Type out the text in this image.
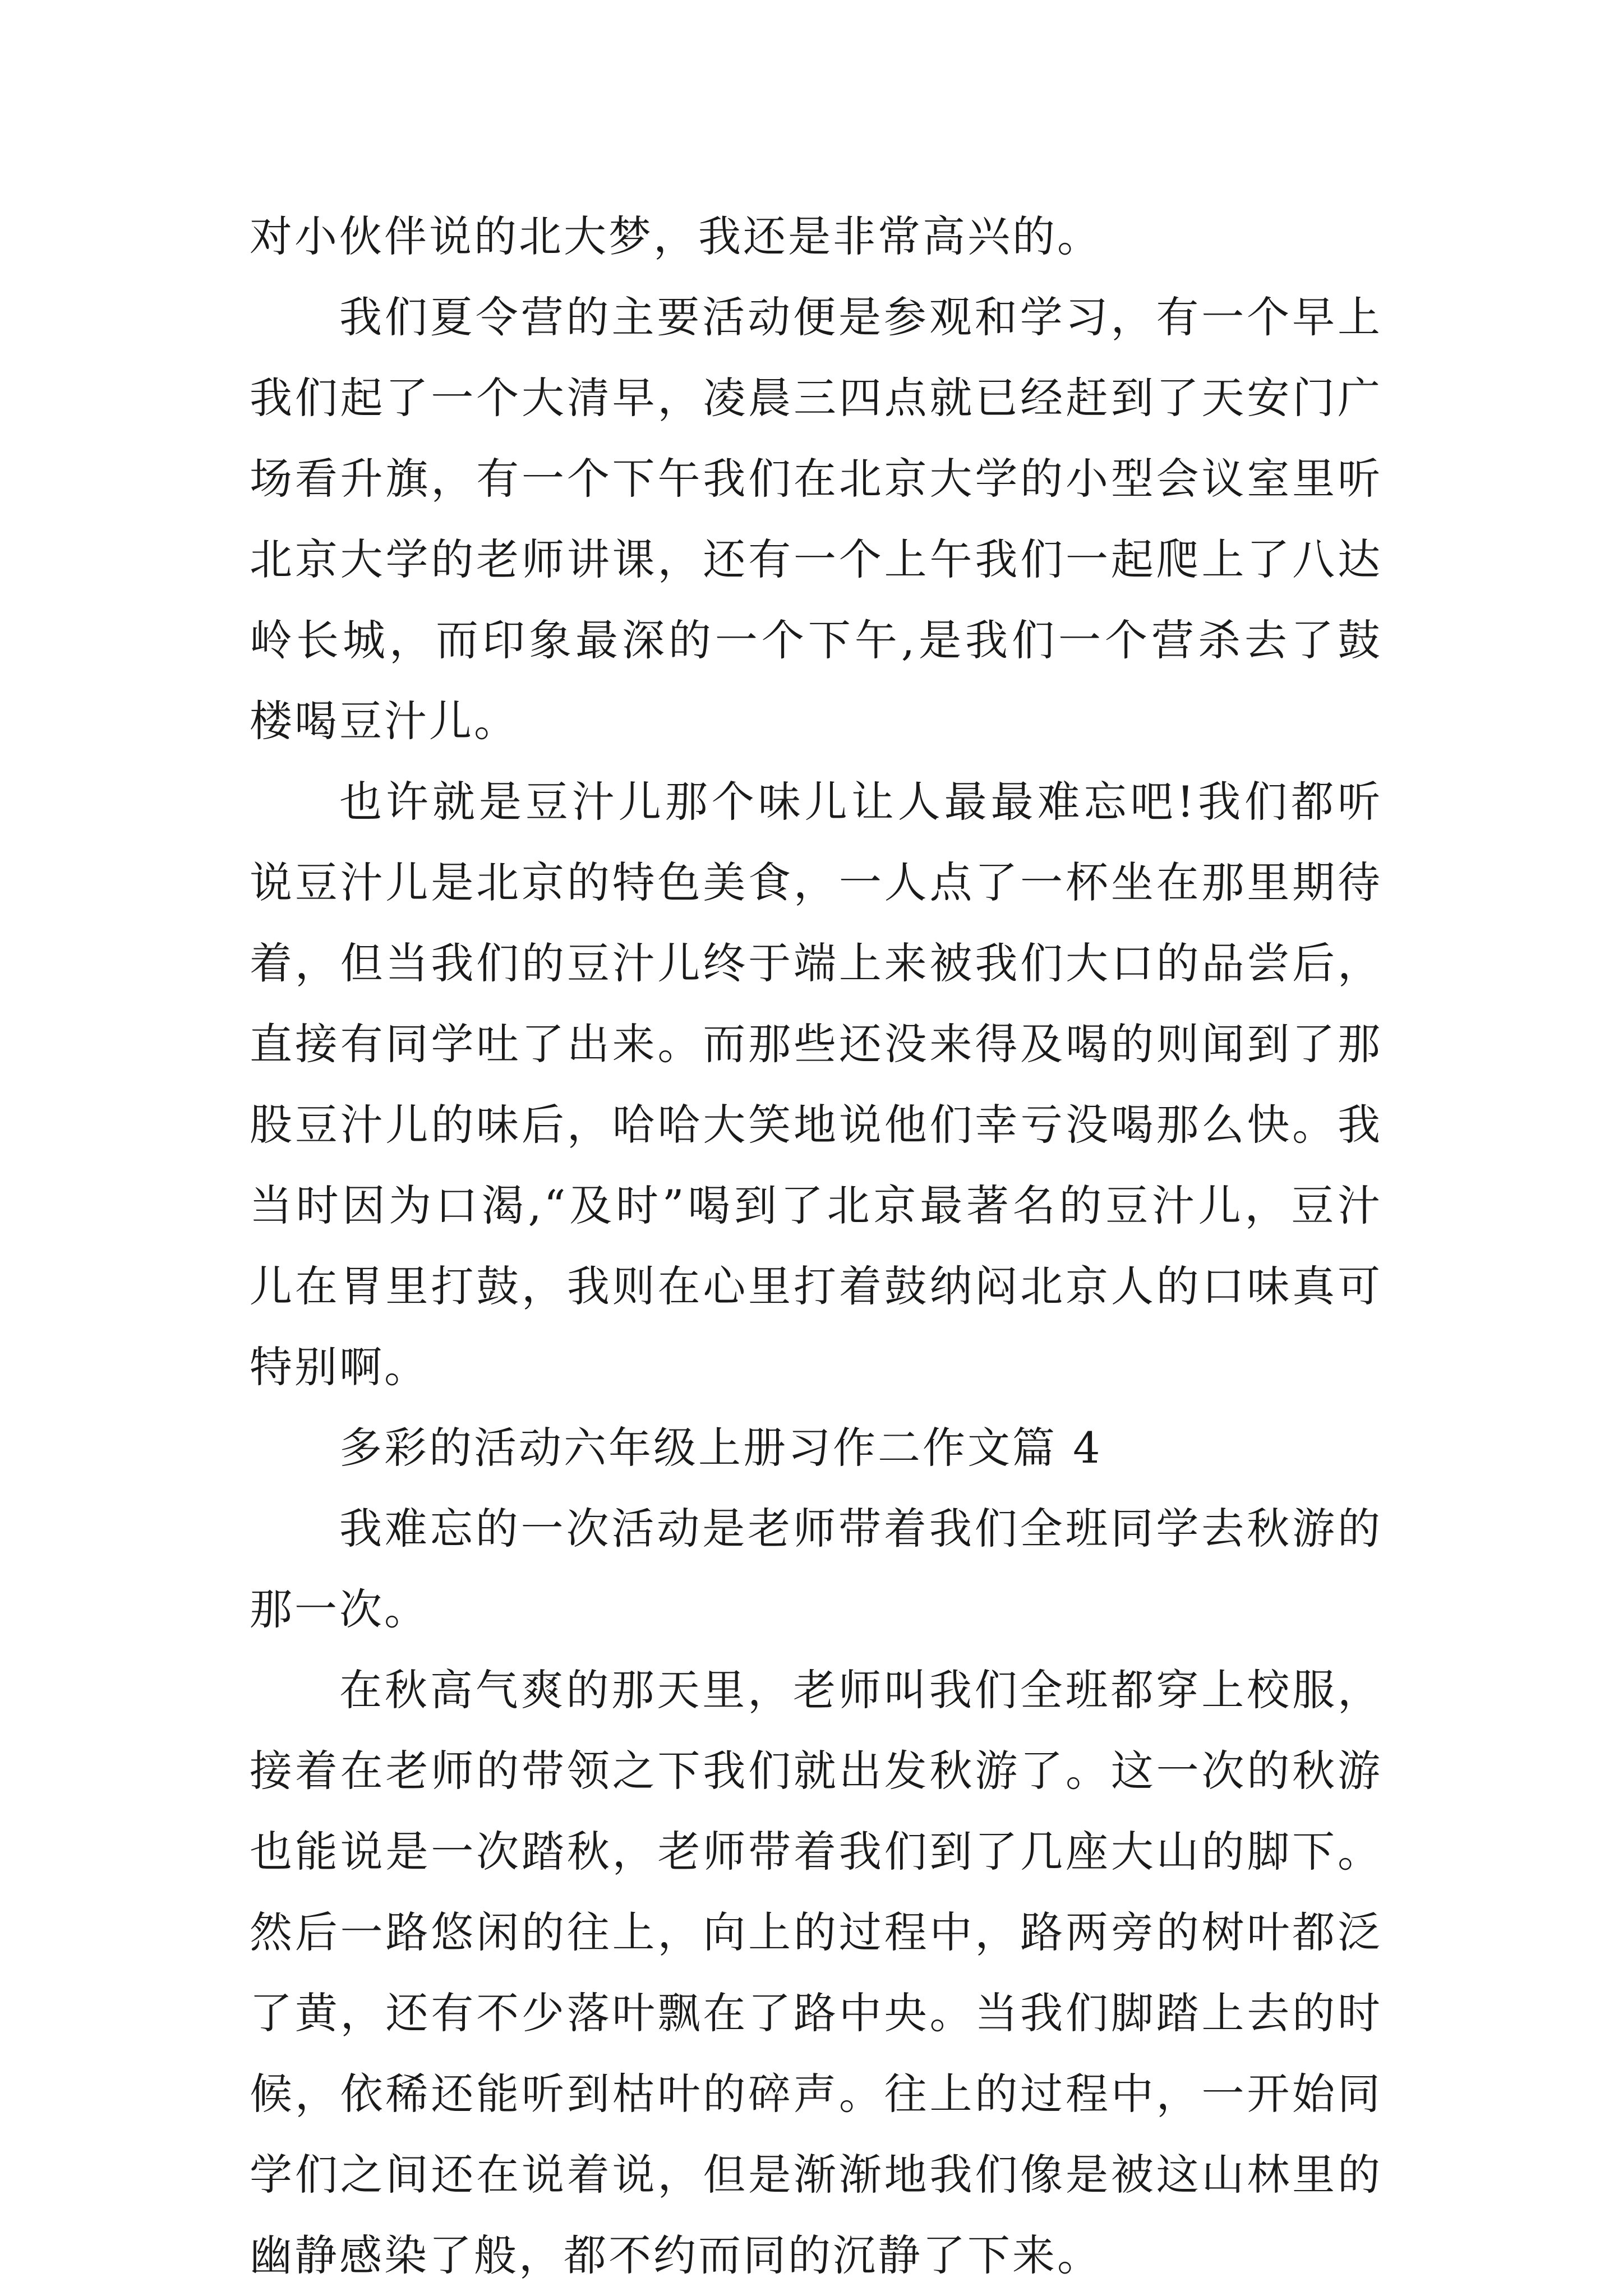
对小伙伴说的北大梦，我还是非常高兴的。

我们夏令营的主要活动便是参观和学习，有一个早上我们起了一个大清早，凌晨三四点就已经赶到了天安门广场看升旗，有一个下午我们在北京大学的小型会议室里听北京大学的老师讲课，还有一个上午我们一起爬上了八达岭长城，而印象最深的一个下午,是我们一个营杀去了鼓楼喝豆汁儿。

也许就是豆汁儿那个味儿让人最最难忘吧!我们都听说豆汁儿是北京的特色美食，一人点了一杯坐在那里期待着，但当我们的豆汁儿终于端上来被我们大口的品尝后，直接有同学吐了出来。而那些还没来得及喝的则闻到了那股豆汁儿的味后，哈哈大笑地说他们幸亏没喝那么快。我当时因为口渴,“及时”喝到了北京最著名的豆汁儿，豆汁儿在胃里打鼓，我则在心里打着鼓纳闷北京人的口味真可特别啊。

多彩的活动六年级上册习作二作文篇 4

我难忘的一次活动是老师带着我们全班同学去秋游的那一次。

在秋高气爽的那天里，老师叫我们全班都穿上校服，接着在老师的带领之下我们就出发秋游了。这一次的秋游也能说是一次踏秋，老师带着我们到了几座大山的脚下。然后一路悠闲的往上，向上的过程中，路两旁的树叶都泛了黄，还有不少落叶飘在了路中央。当我们脚踏上去的时候，依稀还能听到枯叶的碎声。往上的过程中，一开始同学们之间还在说着说，但是渐渐地我们像是被这山林里的幽静感染了般，都不约而同的沉静了下来。
